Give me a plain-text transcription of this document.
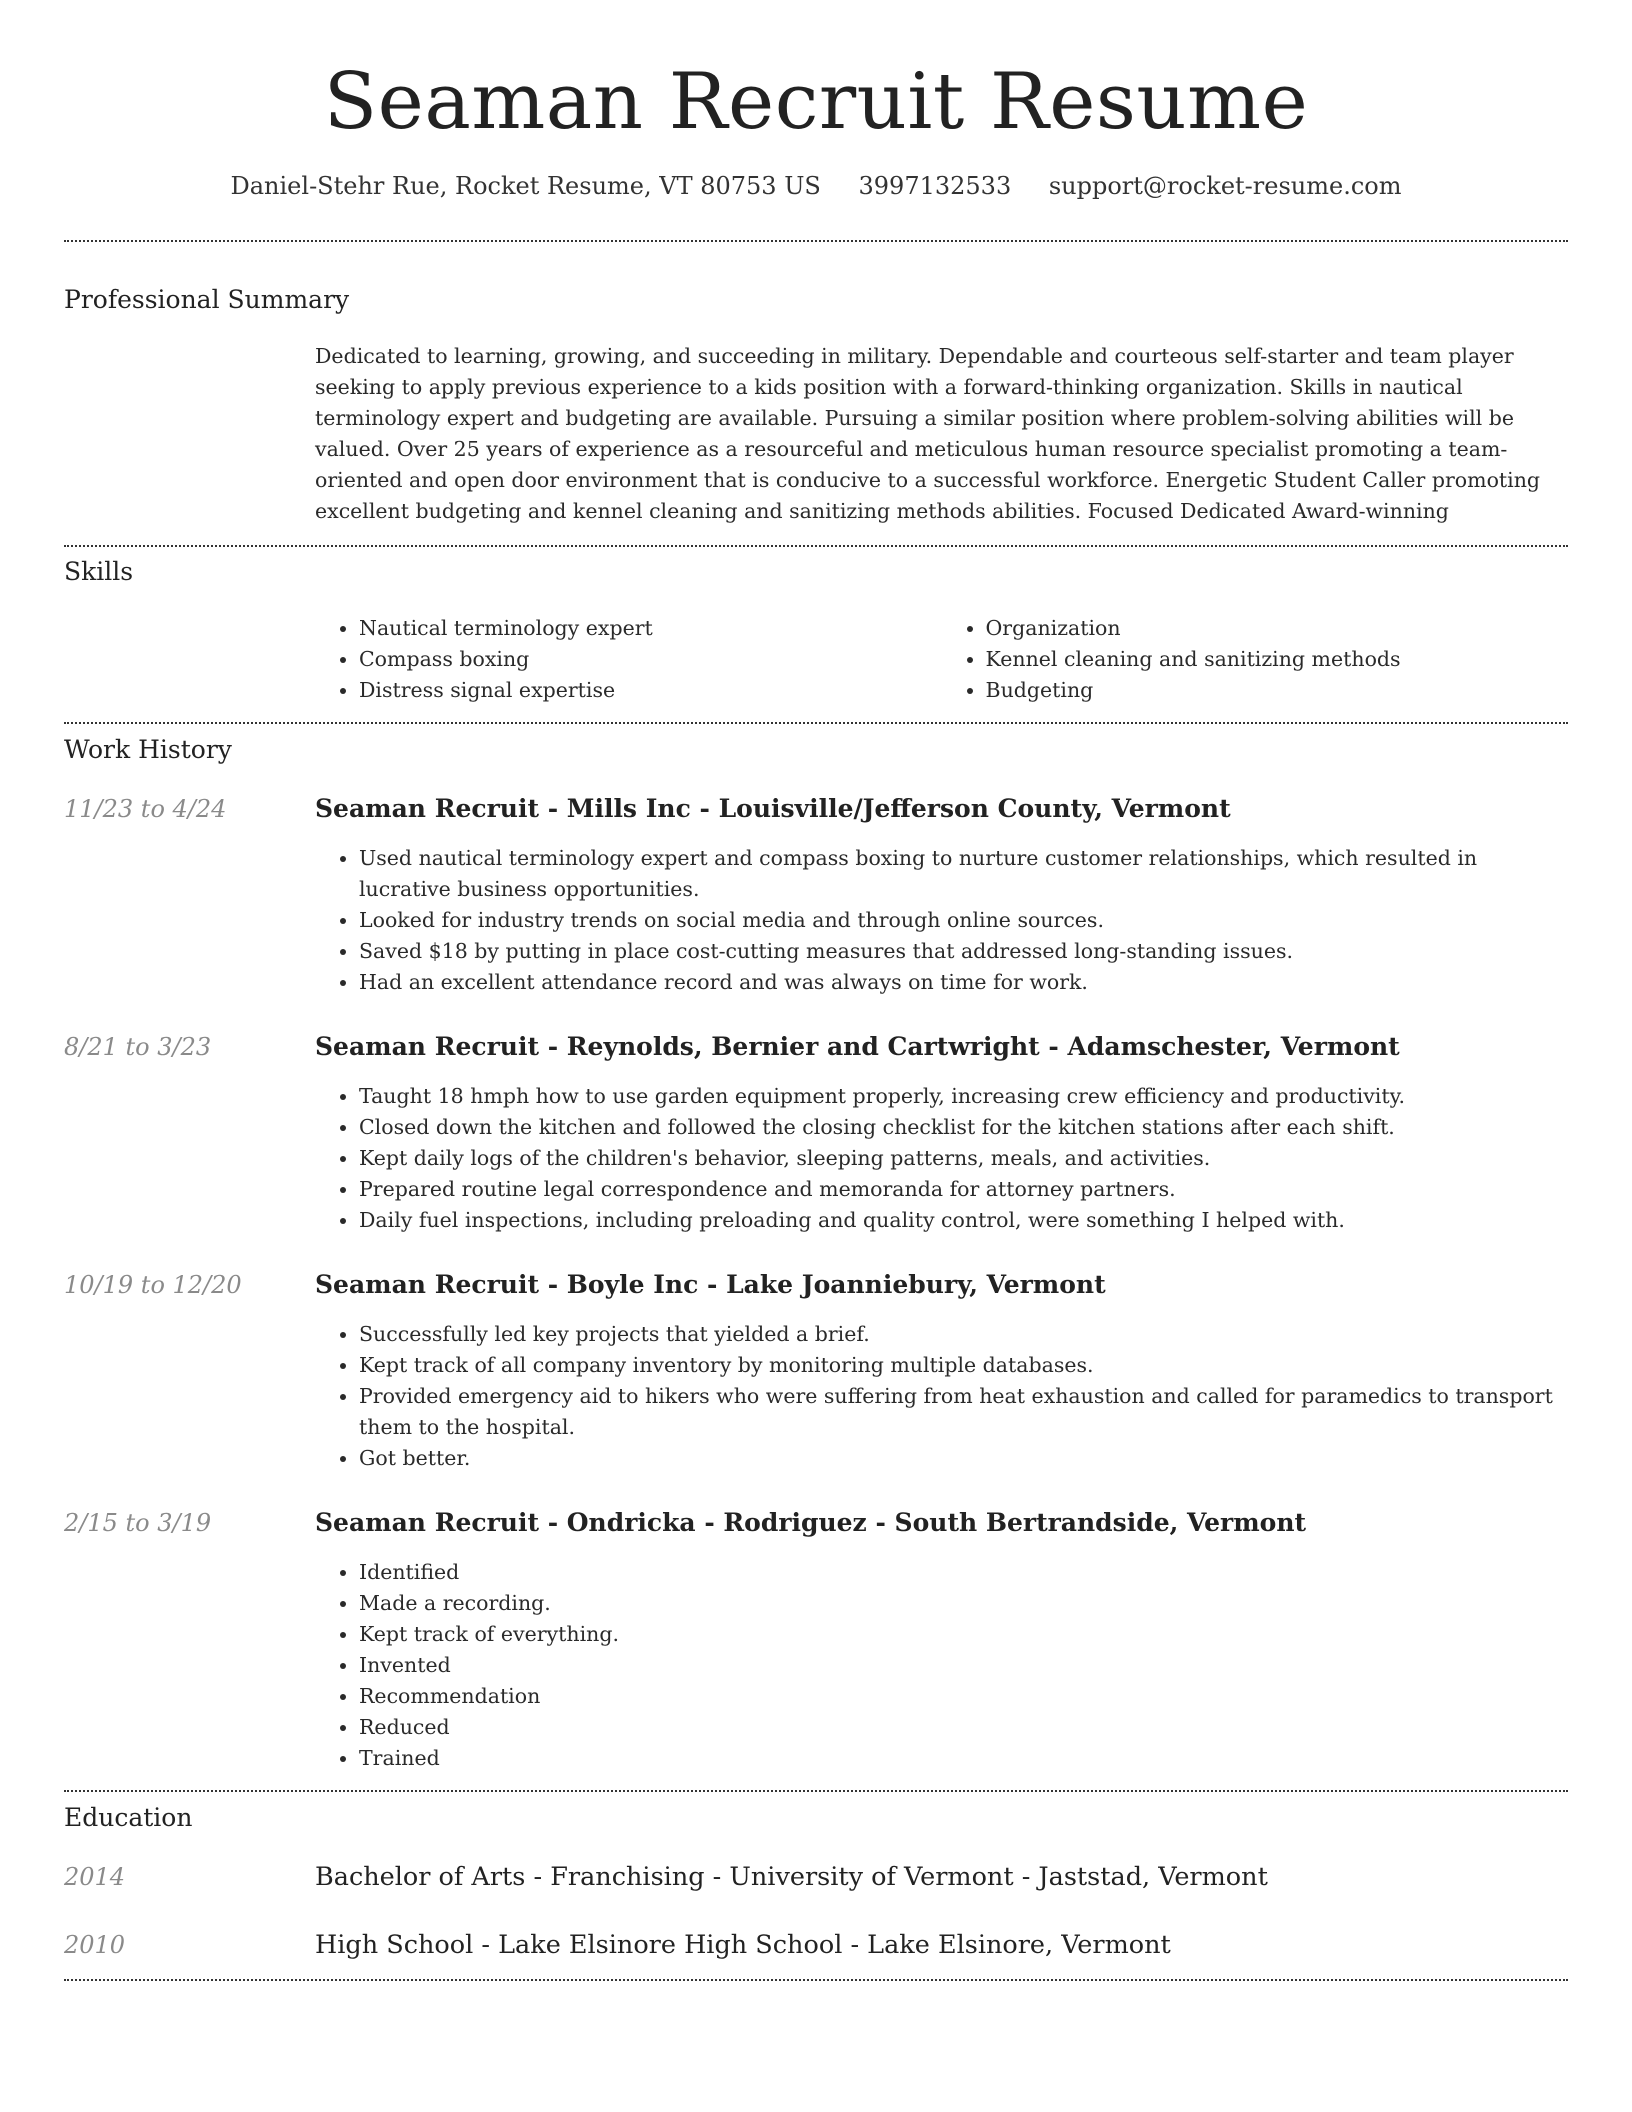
Seaman Recruit Resume

Daniel-Stehr Rue, Rocket Resume, VT 80753 US 3997132533 support@rocket-resume.com

Professional Summary

Dedicated to learning, growing, and succeeding in military. Dependable and courteous self-starter and team player seeking to apply previous experience to a kids position with a forward-thinking organization. Skills in nautical terminology expert and budgeting are available. Pursuing a similar position where problem-solving abilities will be valued. Over 25 years of experience as a resourceful and meticulous human resource specialist promoting a team-oriented and open door environment that is conducive to a successful workforce. Energetic Student Caller promoting excellent budgeting and kennel cleaning and sanitizing methods abilities. Focused Dedicated Award-winning

Skills
• Nautical terminology expert
• Compass boxing
• Distress signal expertise
• Organization
• Kennel cleaning and sanitizing methods
• Budgeting
Work History
11/23 to 4/24	Seaman Recruit - Mills Inc - Louisville/Jefferson County, Vermont
• Used nautical terminology expert and compass boxing to nurture customer relationships, which resulted in lucrative business opportunities.
• Looked for industry trends on social media and through online sources.
• Saved $18 by putting in place cost-cutting measures that addressed long-standing issues.
• Had an excellent attendance record and was always on time for work.
8/21 to 3/23	Seaman Recruit - Reynolds, Bernier and Cartwright - Adamschester, Vermont
• Taught 18 hmph how to use garden equipment properly, increasing crew efficiency and productivity.
• Closed down the kitchen and followed the closing checklist for the kitchen stations after each shift.
• Kept daily logs of the children's behavior, sleeping patterns, meals, and activities.
• Prepared routine legal correspondence and memoranda for attorney partners.
• Daily fuel inspections, including preloading and quality control, were something I helped with.
10/19 to 12/20	Seaman Recruit - Boyle Inc - Lake Joanniebury, Vermont
• Successfully led key projects that yielded a brief.
• Kept track of all company inventory by monitoring multiple databases.
• Provided emergency aid to hikers who were suffering from heat exhaustion and called for paramedics to transport them to the hospital.
• Got better.
2/15 to 3/19	Seaman Recruit - Ondricka - Rodriguez - South Bertrandside, Vermont
• Identified
• Made a recording.
• Kept track of everything.
• Invented
• Recommendation
• Reduced
• Trained
Education
2014	Bachelor of Arts - Franchising - University of Vermont - Jaststad, Vermont
2010	High School - Lake Elsinore High School - Lake Elsinore, Vermont
